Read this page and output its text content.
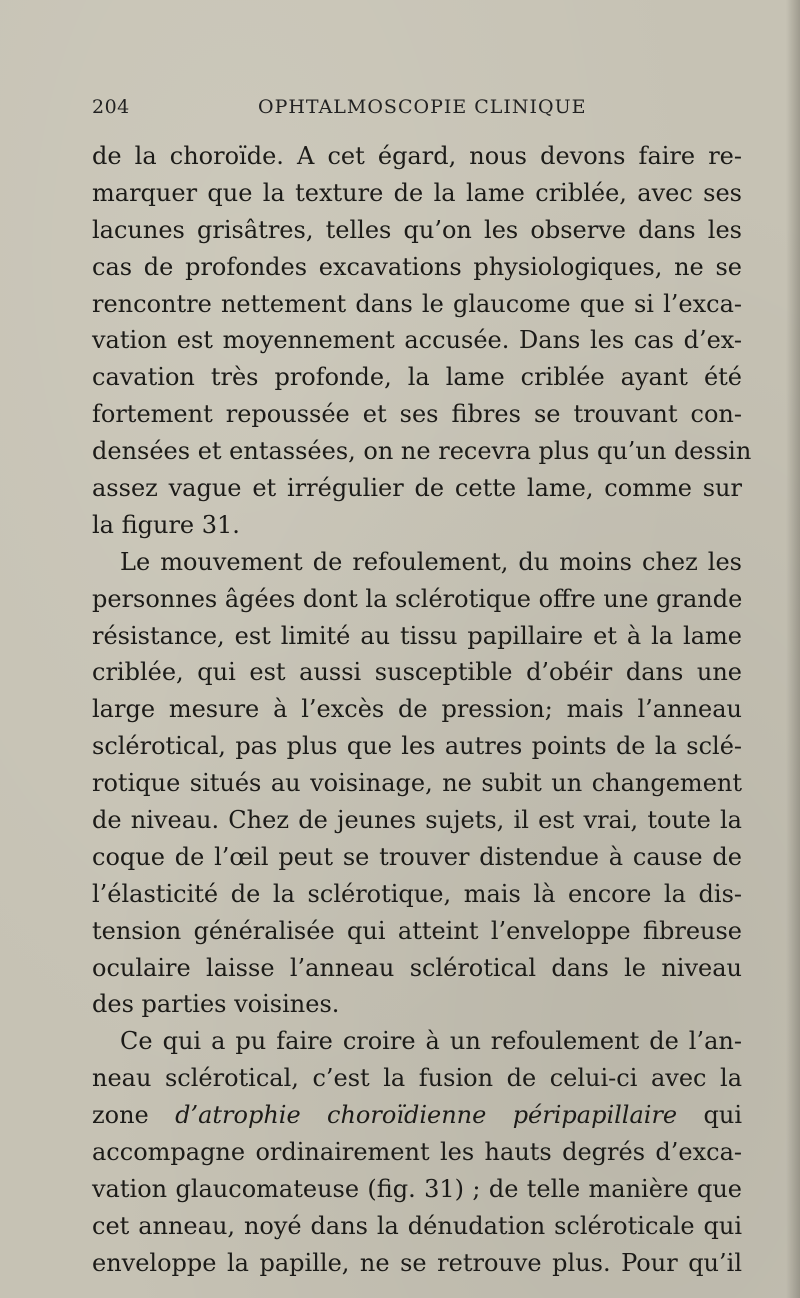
204	OPHTALMOSCOPIE CLINIQUE
de la choroïde. A cet égard, nous devons faire re-
marquer que la texture de la lame criblée, avec ses
lacunes grisâtres, telles qu’on les observe dans les
cas de profondes excavations physiologiques, ne se
rencontre nettement dans le glaucome que si l’exca-
vation est moyennement accusée. Dans les cas d’ex-
cavation très profonde, la lame criblée ayant été
fortement repoussée et ses fibres se trouvant con-
densées et entassées, on ne recevra plus qu’un dessin
assez vague et irrégulier de cette lame, comme sur
la figure 31.
Le mouvement de refoulement, du moins chez les
personnes âgées dont la sclérotique offre une grande
résistance, est limité au tissu papillaire et à la lame
criblée, qui est aussi susceptible d’obéir dans une
large mesure à l’excès de pression; mais l’anneau
sclérotical, pas plus que les autres points de la sclé-
rotique situés au voisinage, ne subit un changement
de niveau. Chez de jeunes sujets, il est vrai, toute la
coque de l’œil peut se trouver distendue à cause de
l’élasticité de la sclérotique, mais là encore la dis-
tension généralisée qui atteint l’enveloppe fibreuse
oculaire laisse l’anneau sclérotical dans le niveau
des parties voisines.
Ce qui a pu faire croire à un refoulement de l’an-
neau sclérotical, c’est la fusion de celui-ci avec la
zone d’atrophie choroïdienne péripapillaire qui
accompagne ordinairement les hauts degrés d’exca-
vation glaucomateuse (fig. 31) ; de telle manière que
cet anneau, noyé dans la dénudation scléroticale qui
enveloppe la papille, ne se retrouve plus. Pour qu’il
